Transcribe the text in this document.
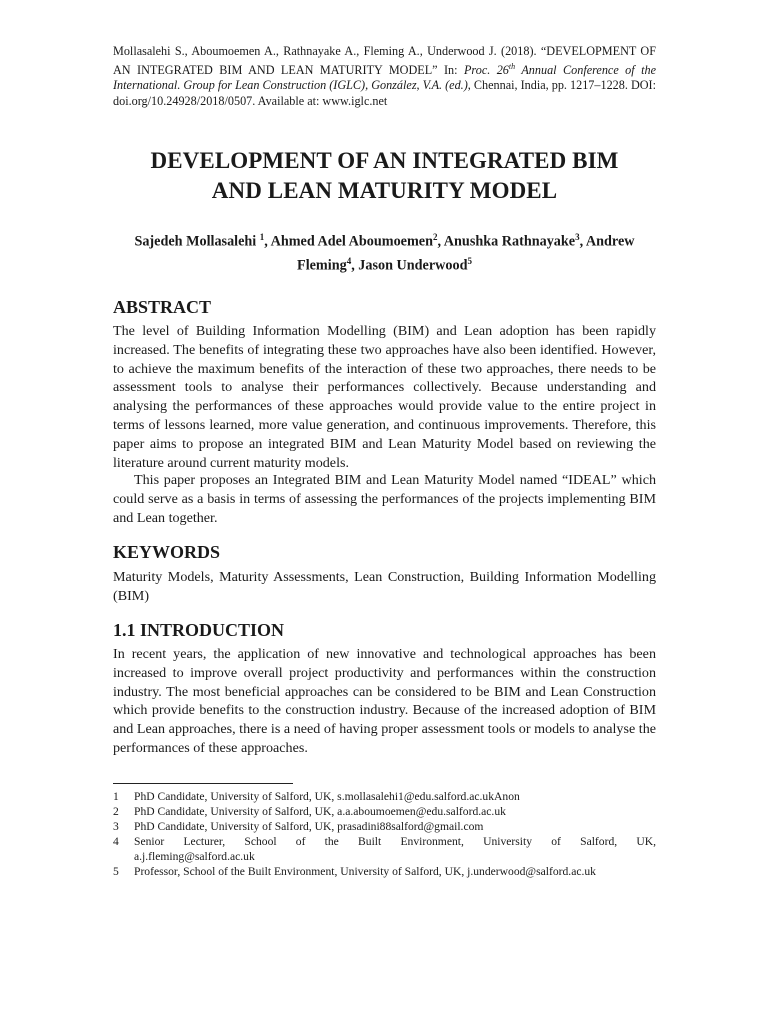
Mollasalehi S., Aboumoemen A., Rathnayake A., Fleming A., Underwood J. (2018). “DEVELOPMENT OF AN INTEGRATED BIM AND LEAN MATURITY MODEL” In: Proc. 26th Annual Conference of the International. Group for Lean Construction (IGLC), González, V.A. (ed.), Chennai, India, pp. 1217–1228. DOI: doi.org/10.24928/2018/0507. Available at: www.iglc.net
DEVELOPMENT OF AN INTEGRATED BIM
AND LEAN MATURITY MODEL
Sajedeh Mollasalehi $^1$, Ahmed Adel Aboumoemen$^2$, Anushka Rathnayake$^3$, Andrew
Fleming$^4$, Jason Underwood$^5$
ABSTRACT

The level of Building Information Modelling (BIM) and Lean adoption has been rapidly increased. The benefits of integrating these two approaches have also been identified. However, to achieve the maximum benefits of the interaction of these two approaches, there needs to be assessment tools to analyse their performances collectively. Because understanding and analysing the performances of these approaches would provide value to the entire project in terms of lessons learned, more value generation, and continuous improvements. Therefore, this paper aims to propose an integrated BIM and Lean Maturity Model based on reviewing the literature around current maturity models.

This paper proposes an Integrated BIM and Lean Maturity Model named “IDEAL” which could serve as a basis in terms of assessing the performances of the projects implementing BIM and Lean together.

KEYWORDS

Maturity Models, Maturity Assessments, Lean Construction, Building Information Modelling (BIM)

1.1 INTRODUCTION

In recent years, the application of new innovative and technological approaches has been increased to improve overall project productivity and performances within the construction industry. The most beneficial approaches can be considered to be BIM and Lean Construction which provide benefits to the construction industry. Because of the increased adoption of BIM and Lean approaches, there is a need of having proper assessment tools or models to analyse the performances of these approaches.

1 PhD Candidate, University of Salford, UK, s.mollasalehi1@edu.salford.ac.ukAnon
2 PhD Candidate, University of Salford, UK, a.a.aboumoemen@edu.salford.ac.uk
3 PhD Candidate, University of Salford, UK, prasadini88salford@gmail.com
4 Senior Lecturer, School of the Built Environment, University of Salford, UK,
a.j.fleming@salford.ac.uk
5 Professor, School of the Built Environment, University of Salford, UK, j.underwood@salford.ac.uk
